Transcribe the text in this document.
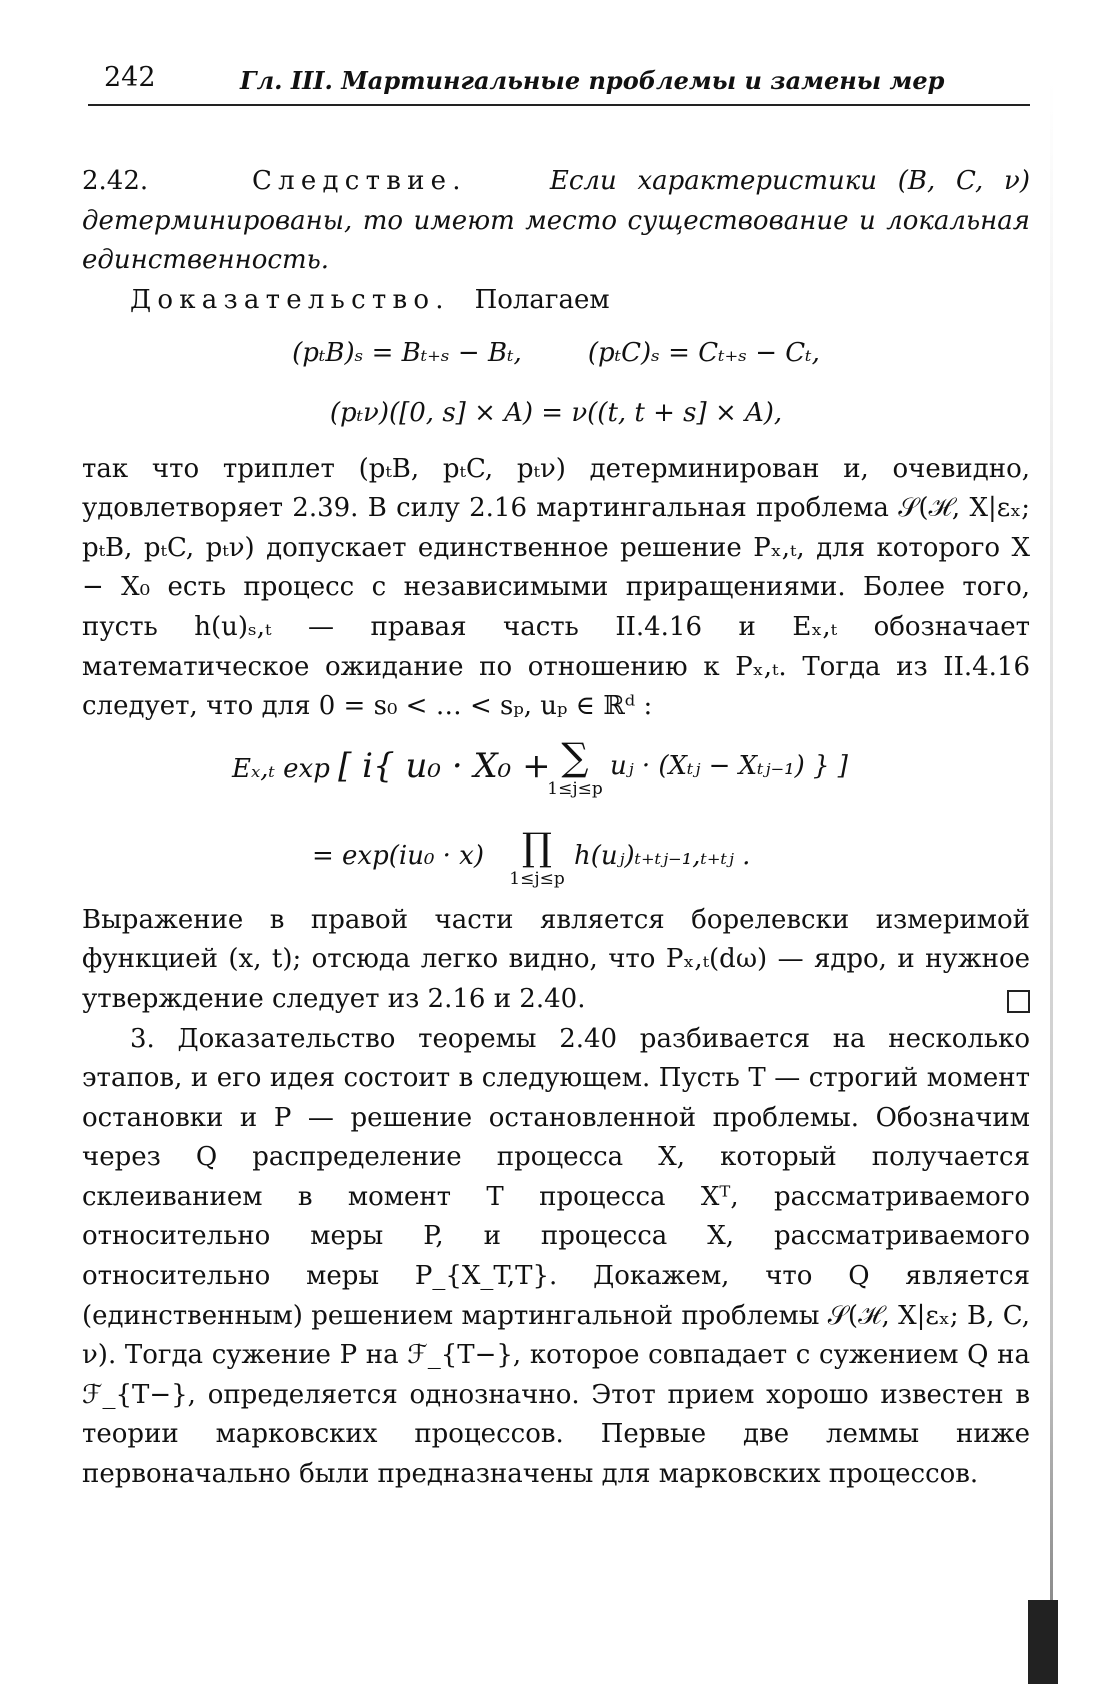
242	Гл. III. Мартингальные проблемы и замены мер

2.42.	Следствие.	Если характеристики (B, C, ν) детерминированы, то имеют место существование и локальная единственность.

Доказательство. Полагаем

(pₜB)ₛ = Bₜ₊ₛ − Bₜ,        (pₜC)ₛ = Cₜ₊ₛ − Cₜ,
(pₜν)([0, s] × A) = ν((t, t + s] × A),

так что триплет (pₜB, pₜC, pₜν) детерминирован и, очевидно, удовлетворяет 2.39. В силу 2.16 мартингальная проблема 𝒮(ℋ, X|εₓ; pₜB, pₜC, pₜν) допускает единственное решение Pₓ,ₜ, для которого X − X₀ есть процесс с независимыми приращениями. Более того, пусть h(u)ₛ,ₜ — правая часть II.4.16 и Eₓ,ₜ обозначает математическое ожидание по отношению к Pₓ,ₜ. Тогда из II.4.16 следует, что для 0 = s₀ < … < sₚ, uₚ ∈ ℝᵈ :

Eₓ,ₜ exp [ i{ u₀ · X₀ + ∑
1≤j≤p
uⱼ · (Xₜⱼ − Xₜⱼ₋₁) } ]
= exp(iu₀ · x) ∏
1≤j≤p
h(uⱼ)ₜ₊ₜⱼ₋₁,ₜ₊ₜⱼ .

Выражение в правой части является борелевски измеримой функцией (x, t); отсюда легко видно, что Pₓ,ₜ(dω) — ядро, и нужное утверждение следует из 2.16 и 2.40.

3. Доказательство теоремы 2.40 разбивается на несколько этапов, и его идея состоит в следующем. Пусть T — строгий момент остановки и P — решение остановленной проблемы. Обозначим через Q распределение процесса X, который получается склеиванием в момент T процесса Xᵀ, рассматриваемого относительно меры P, и процесса X, рассматриваемого относительно меры P_{X_T,T}. Докажем, что Q является (единственным) решением мартингальной проблемы 𝒮(ℋ, X|εₓ; B, C, ν). Тогда сужение P на ℱ_{T−}, которое совпадает с сужением Q на ℱ_{T−}, определяется однозначно. Этот прием хорошо известен в теории марковских процессов. Первые две леммы ниже первоначально были предназначены для марковских процессов.
